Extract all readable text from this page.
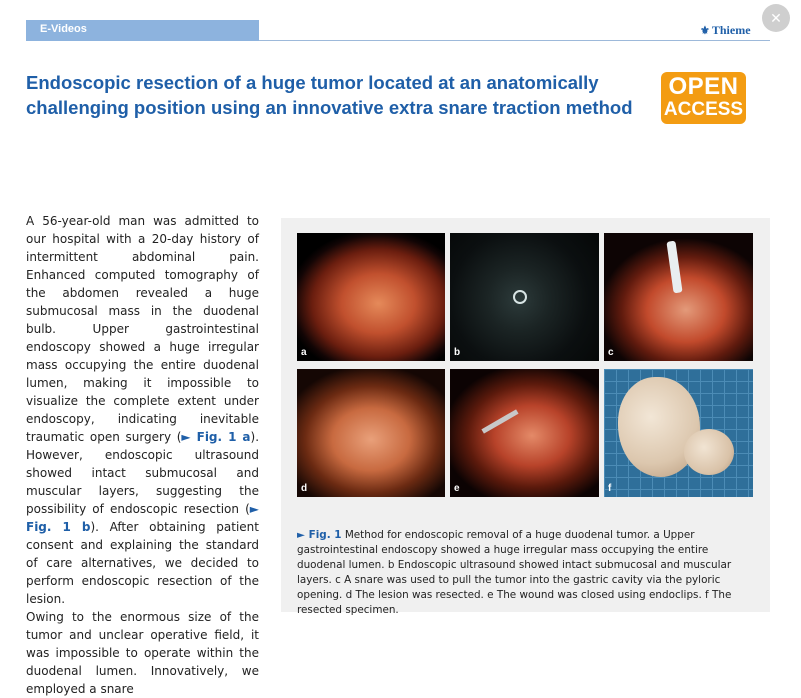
E-Videos	⚜ Thieme
✕
Endoscopic resection of a huge tumor located at an anatomically challenging position using an innovative extra snare traction method
OPEN
ACCESS

A 56-year-old man was admitted to our hospital with a 20-day history of intermittent abdominal pain. Enhanced computed tomography of the abdomen revealed a huge submucosal mass in the duodenal bulb. Upper gastrointestinal endoscopy showed a huge irregular mass occupying the entire duodenal lumen, making it impossible to visualize the complete extent under endoscopy, indicating inevitable traumatic open surgery (► Fig. 1 a). However, endoscopic ultrasound showed intact submucosal and muscular layers, suggesting the possibility of endoscopic resection (► Fig. 1 b). After obtaining patient consent and explaining the standard of care alternatives, we decided to perform endoscopic resection of the lesion.

Owing to the enormous size of the tumor and unclear operative field, it was impossible to operate within the duodenal lumen. Innovatively, we employed a snare

a	b	c
d	e	f
► Fig. 1 Method for endoscopic removal of a huge duodenal tumor. a Upper gastrointestinal endoscopy showed a huge irregular mass occupying the entire duodenal lumen. b Endoscopic ultrasound showed intact submucosal and muscular layers. c A snare was used to pull the tumor into the gastric cavity via the pyloric opening. d The lesion was resected. e The wound was closed using endoclips. f The resected specimen.
